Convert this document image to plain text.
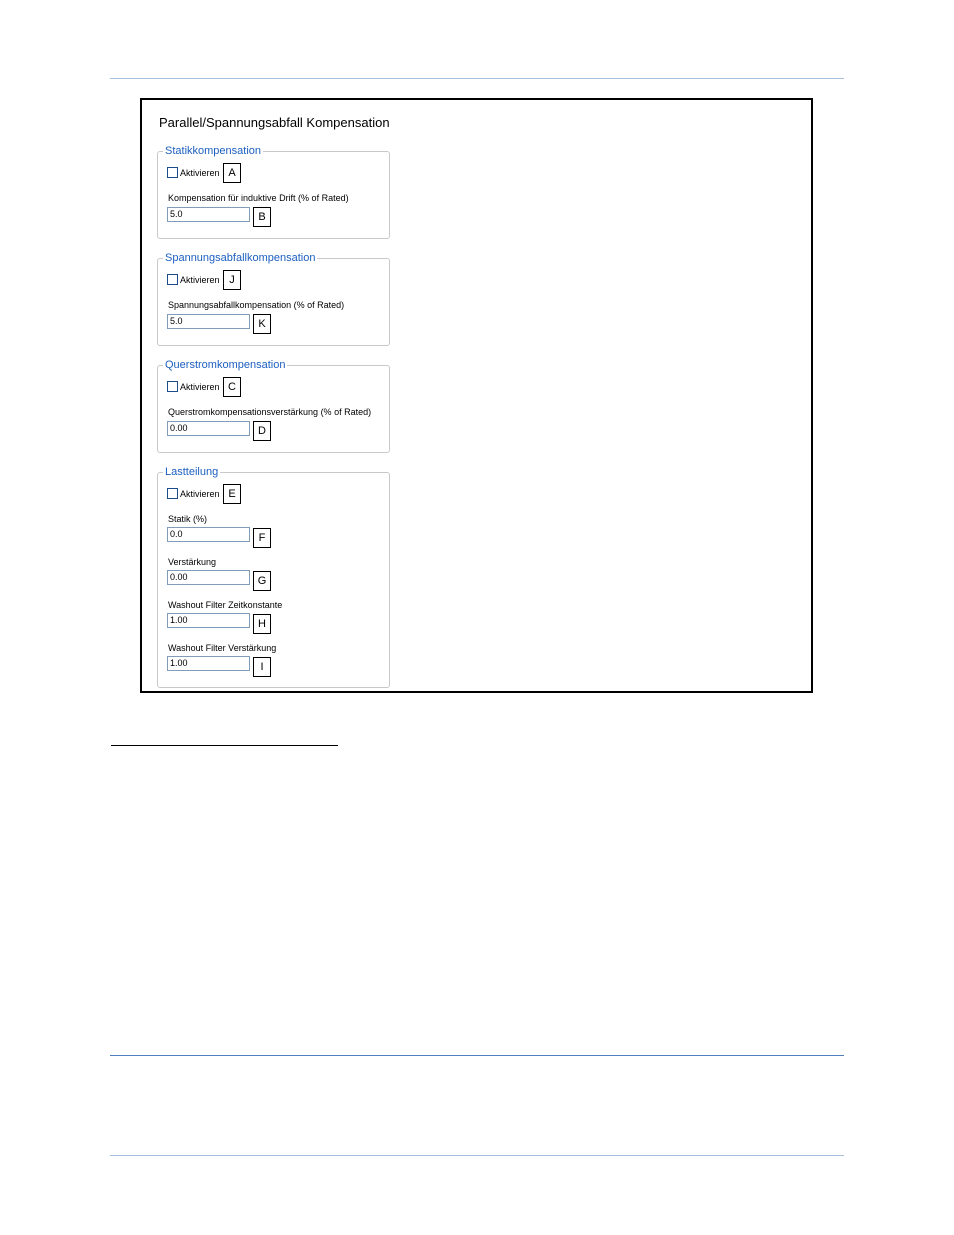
Parallel/Spannungsabfall Kompensation
Statikkompensation
Aktivieren A
Kompensation für induktive Drift (% of Rated)
5.0	B
Spannungsabfallkompensation
Aktivieren J
Spannungsabfallkompensation (% of Rated)
5.0	K
Querstromkompensation
Aktivieren C
Querstromkompensationsverstärkung (% of Rated)
0.00	D
Lastteilung
Aktivieren E
Statik (%)
0.0	F
Verstärkung
0.00	G
Washout Filter Zeitkonstante
1.00	H
Washout Filter Verstärkung
1.00	I
